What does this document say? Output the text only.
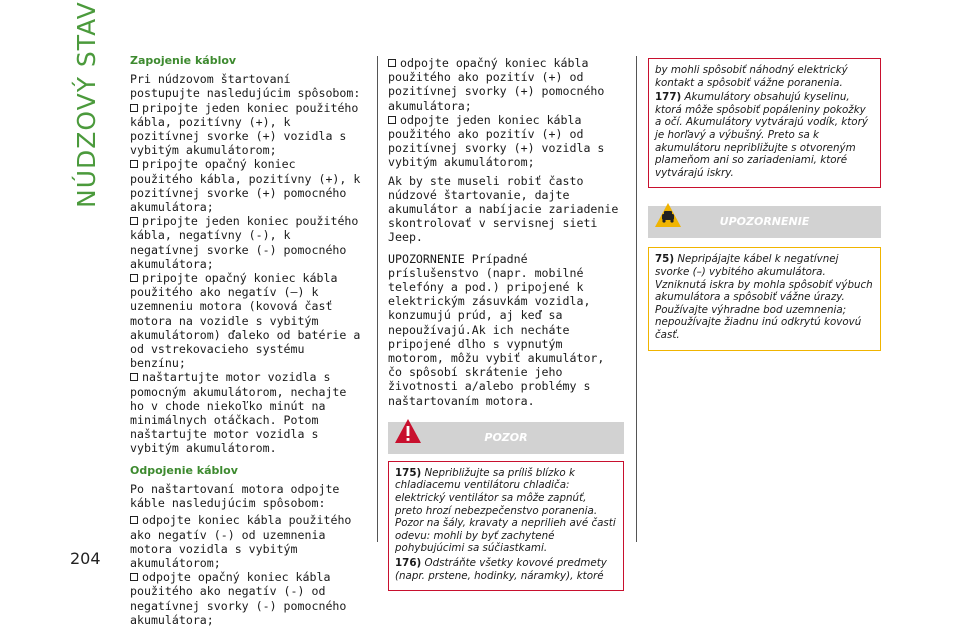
NÚDZOVÝ STAV
204
Zapojenie káblov

Pri núdzovom štartovaní postupujte nasledujúcim spôsobom:

pripojte jeden koniec použitého kábla, pozitívny (+), k pozitívnej svorke (+) vozidla s vybitým akumulátorom;
pripojte opačný koniec použitého kábla, pozitívny (+), k pozitívnej svorke (+) pomocného akumulátora;
pripojte jeden koniec použitého kábla, negatívny (-), k negatívnej svorke (-) pomocného akumulátora;
pripojte opačný koniec kábla použitého ako negatív (–) k uzemneniu motora (kovová časť motora na vozidle s vybitým akumulátorom) ďaleko od batérie a od vstrekovacieho systému benzínu;
naštartujte motor vozidla s pomocným akumulátorom, nechajte ho v chode niekoľko minút na minimálnych otáčkach. Potom naštartujte motor vozidla s vybitým akumulátorom.
Odpojenie káblov

Po naštartovaní motora odpojte káble nasledujúcim spôsobom:

odpojte koniec kábla použitého ako negatív (-) od uzemnenia motora vozidla s vybitým akumulátorom;
odpojte opačný koniec kábla použitého ako negatív (-) od negatívnej svorky (-) pomocného akumulátora;
odpojte opačný koniec kábla použitého ako pozitív (+) od pozitívnej svorky (+) pomocného akumulátora;
odpojte jeden koniec kábla použitého ako pozitív (+) od pozitívnej svorky (+) vozidla s vybitým akumulátorom;

Ak by ste museli robiť často núdzové štartovanie, dajte akumulátor a nabíjacie zariadenie skontrolovať v servisnej sieti Jeep.

UPOZORNENIE Prípadné príslušenstvo (napr. mobilné telefóny a pod.) pripojené k elektrickým zásuvkám vozidla, konzumujú prúd, aj keď sa nepoužívajú.Ak ich necháte pripojené dlho s vypnutým motorom, môžu vybiť akumulátor, čo spôsobí skrátenie jeho životnosti a/alebo problémy s naštartovaním motora.

POZOR

175) Nepribližujte sa príliš blízko k chladiacemu ventilátoru chladiča: elektrický ventilátor sa môže zapnúť, preto hrozí nebezpečenstvo poranenia. Pozor na šály, kravaty a neprilieh avé časti odevu: mohli by byť zachytené pohybujúcimi sa súčiastkami.

176) Odstráňte všetky kovové predmety (napr. prstene, hodinky, náramky), ktoré

by mohli spôsobiť náhodný elektrický kontakt a spôsobiť vážne poranenia.

177) Akumulátory obsahujú kyselinu, ktorá môže spôsobiť popáleniny pokožky a očí. Akumulátory vytvárajú vodík, ktorý je horľavý a výbušný. Preto sa k akumulátoru nepribližujte s otvoreným plameňom ani so zariadeniami, ktoré vytvárajú iskry.

UPOZORNENIE

75) Nepripájajte kábel k negatívnej svorke (–) vybitého akumulátora. Vzniknutá iskra by mohla spôsobiť výbuch akumulátora a spôsobiť vážne úrazy. Používajte výhradne bod uzemnenia; nepoužívajte žiadnu inú odkrytú kovovú časť.
